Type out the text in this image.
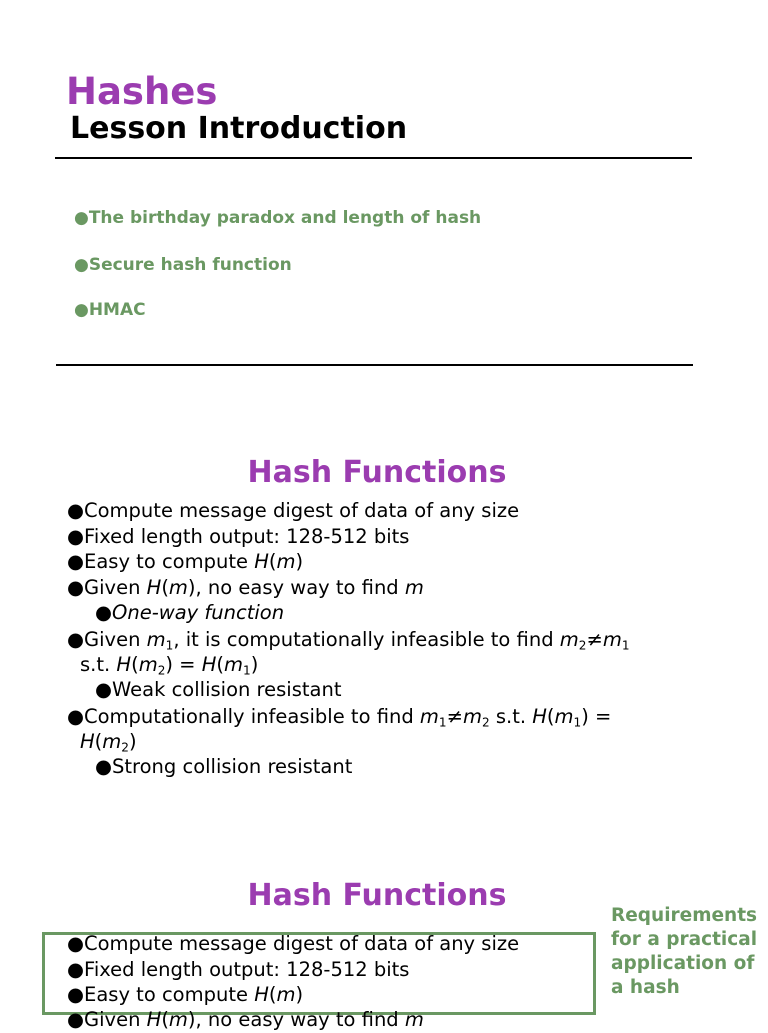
Hashes
Lesson Introduction
●The birthday paradox and length of hash
●Secure hash function
●HMAC
Hash Functions
●Compute message digest of data of any size
●Fixed length output: 128-512 bits
●Easy to compute H(m)
●Given H(m), no easy way to find m
●One-way function
●Given $m_1$, it is computationally infeasible to find $m_2\ne m_1$
s.t. $H(m_2) = H(m_1)$
●Weak collision resistant
●Computationally infeasible to find $m_1\ne m_2$ s.t. $H(m_1)$ =
$H(m_2)$
●Strong collision resistant
Hash Functions
●Compute message digest of data of any size
●Fixed length output: 128-512 bits
●Easy to compute H(m)
●Given H(m), no easy way to find m
Requirements for a practical application of a hash
